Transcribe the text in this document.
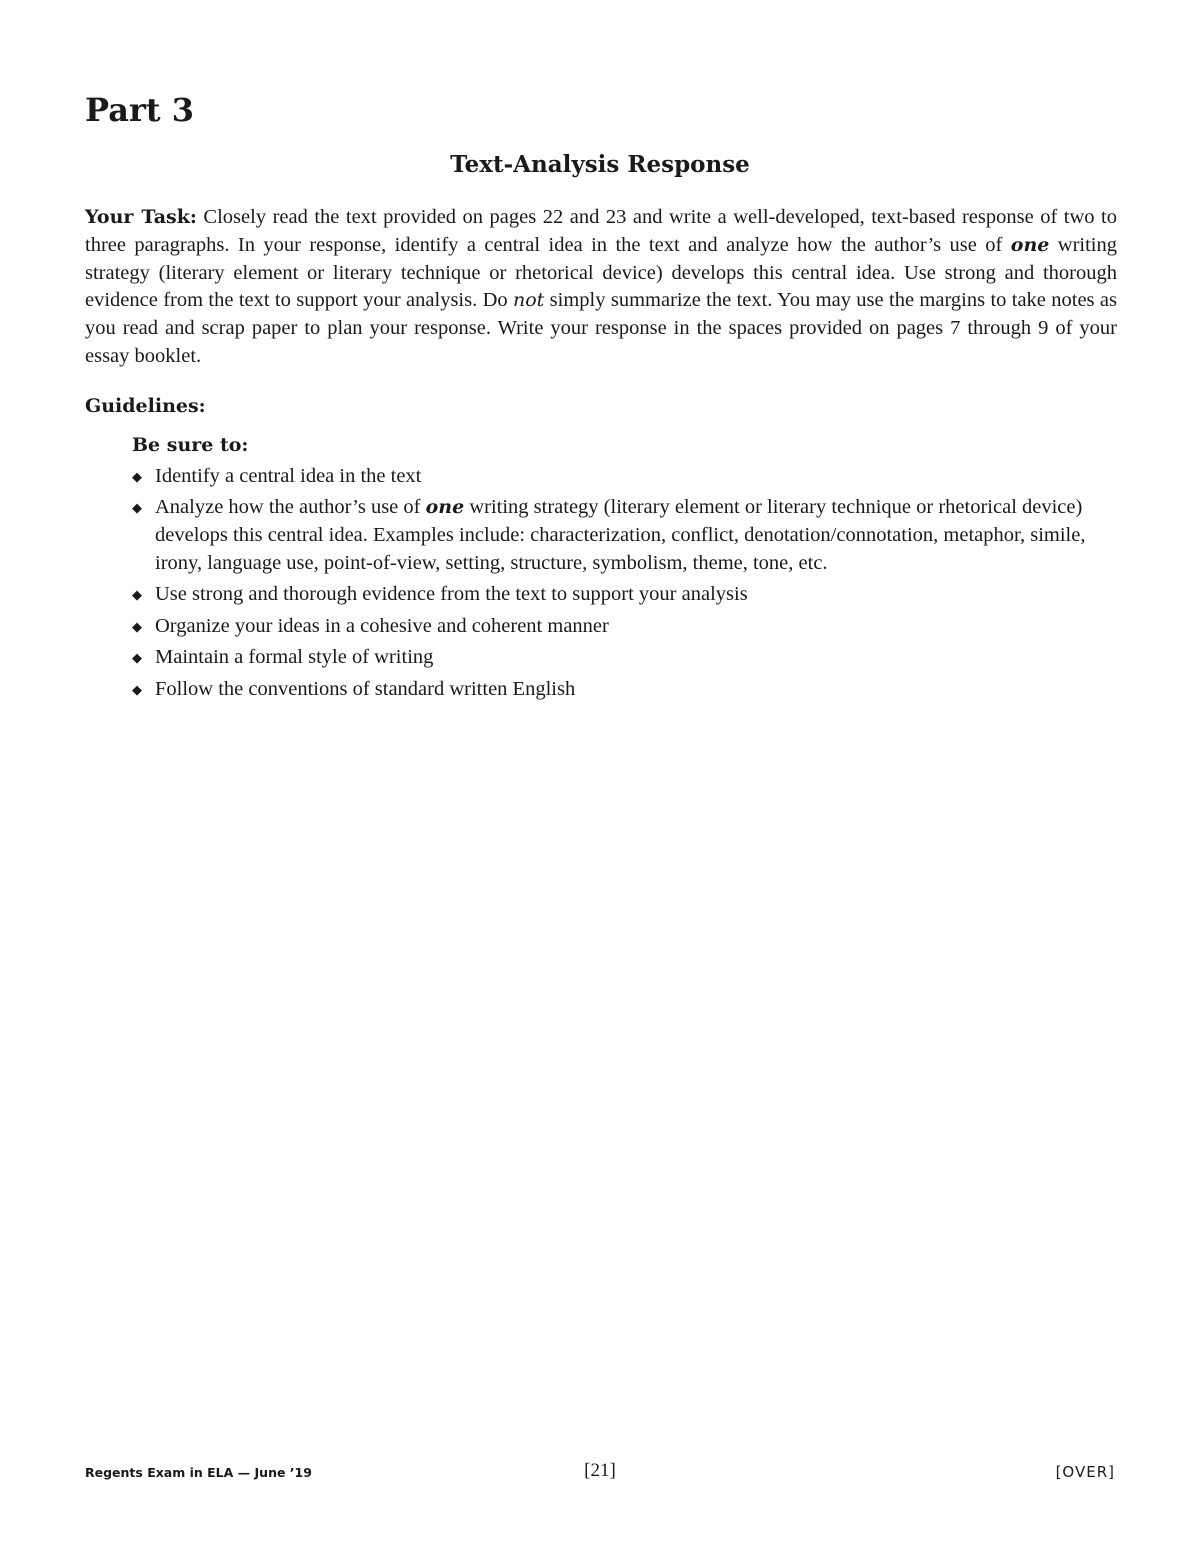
Part 3
Text-Analysis Response

Your Task: Closely read the text provided on pages 22 and 23 and write a well-developed, text-based response of two to three paragraphs. In your response, identify a central idea in the text and analyze how the author’s use of one writing strategy (literary element or literary technique or rhetorical device) develops this central idea. Use strong and thorough evidence from the text to support your analysis. Do not simply summarize the text. You may use the margins to take notes as you read and scrap paper to plan your response. Write your response in the spaces provided on pages 7 through 9 of your essay booklet.

Guidelines:
Be sure to:
◆ Identify a central idea in the text
◆ Analyze how the author’s use of one writing strategy (literary element or literary technique or rhetorical device) develops this central idea. Examples include: characterization, conflict, denotation/connotation, metaphor, simile, irony, language use, point-of-view, setting, structure, symbolism, theme, tone, etc.
◆ Use strong and thorough evidence from the text to support your analysis
◆ Organize your ideas in a cohesive and coherent manner
◆ Maintain a formal style of writing
◆ Follow the conventions of standard written English
Regents Exam in ELA — June ’19	[21]	[OVER]
